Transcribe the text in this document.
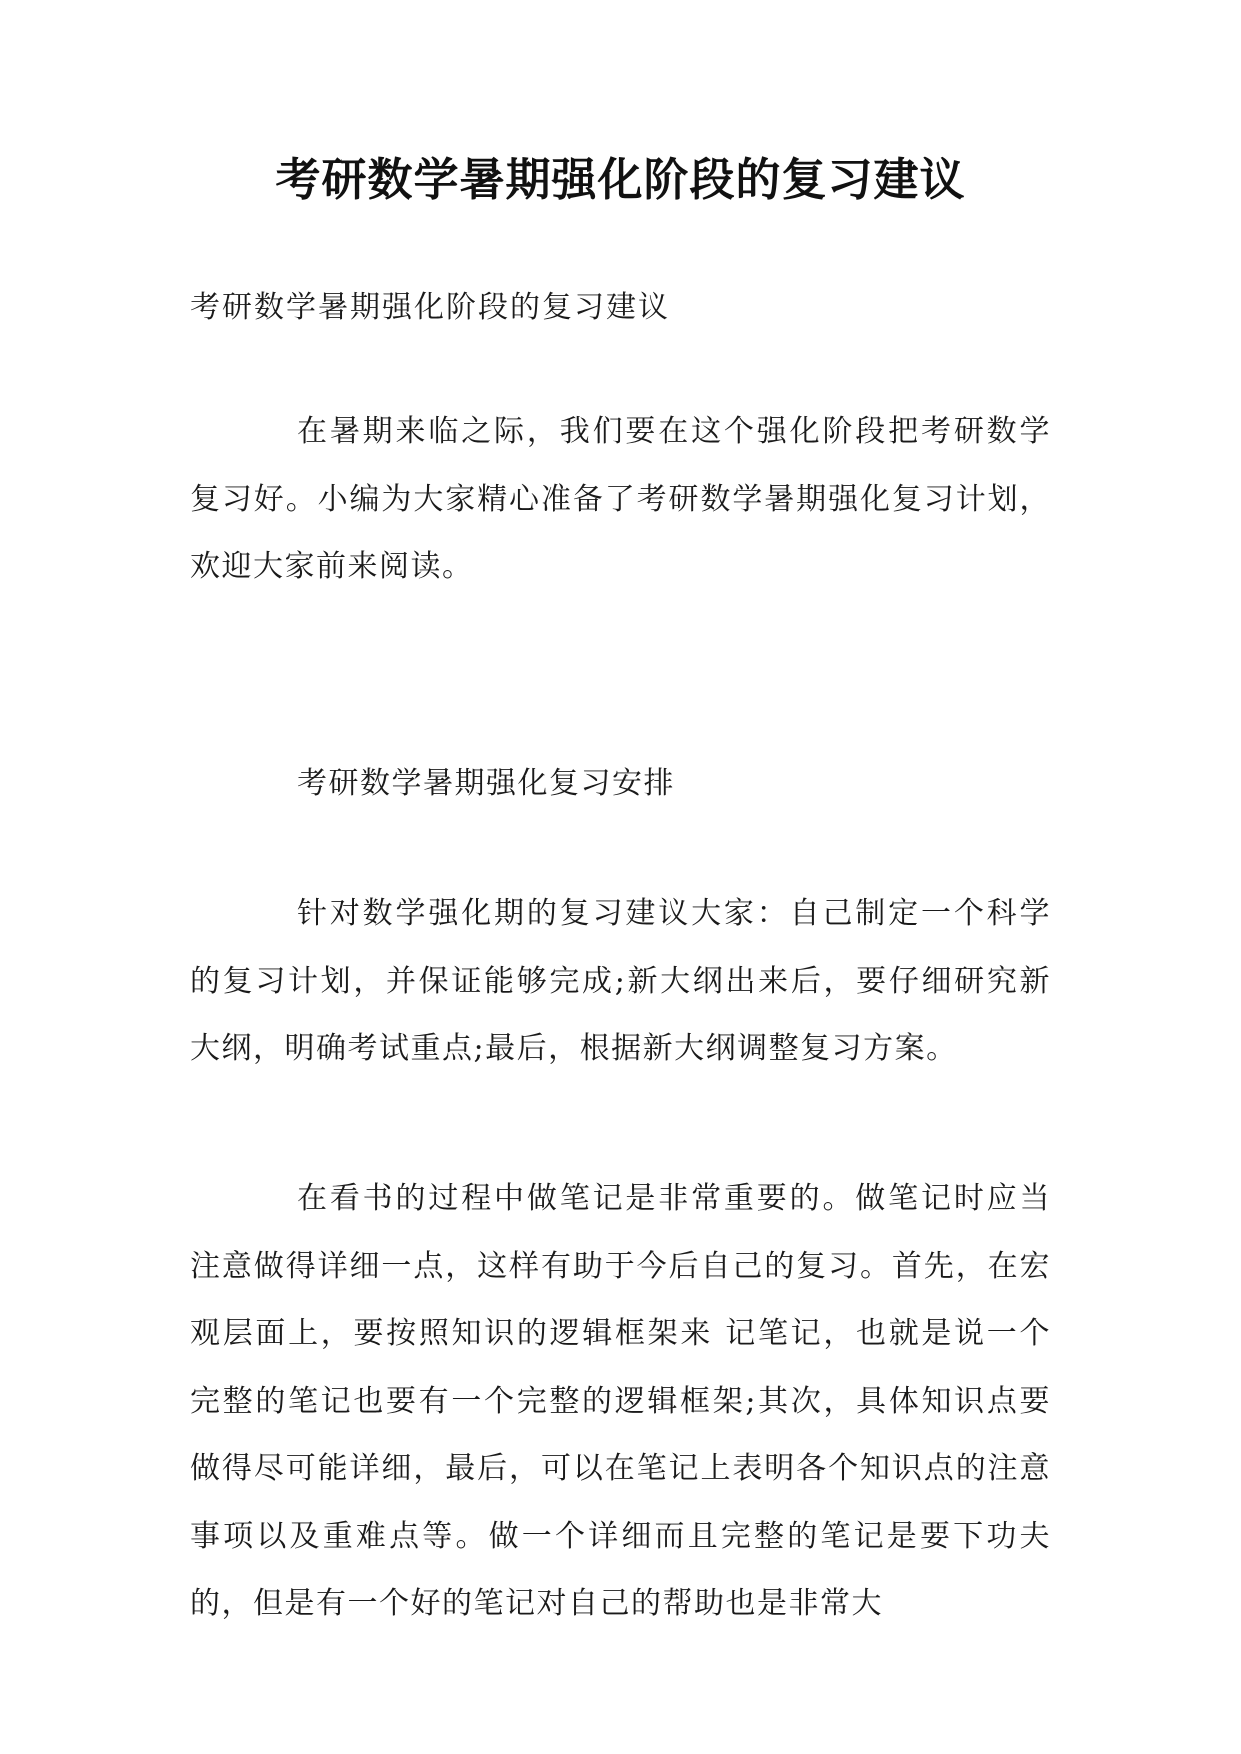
考研数学暑期强化阶段的复习建议

考研数学暑期强化阶段的复习建议

在暑期来临之际，我们要在这个强化阶段把考研数学复习好。小编为大家精心准备了考研数学暑期强化复习计划，欢迎大家前来阅读。

考研数学暑期强化复习安排

针对数学强化期的复习建议大家：自己制定一个科学的复习计划，并保证能够完成;新大纲出来后，要仔细研究新大纲，明确考试重点;最后，根据新大纲调整复习方案。

在看书的过程中做笔记是非常重要的。做笔记时应当注意做得详细一点，这样有助于今后自己的复习。首先，在宏观层面上，要按照知识的逻辑框架来 记笔记，也就是说一个完整的笔记也要有一个完整的逻辑框架;其次，具体知识点要做得尽可能详细，最后，可以在笔记上表明各个知识点的注意事项以及重难点等。做一个详细而且完整的笔记是要下功夫的，但是有一个好的笔记对自己的帮助也是非常大
